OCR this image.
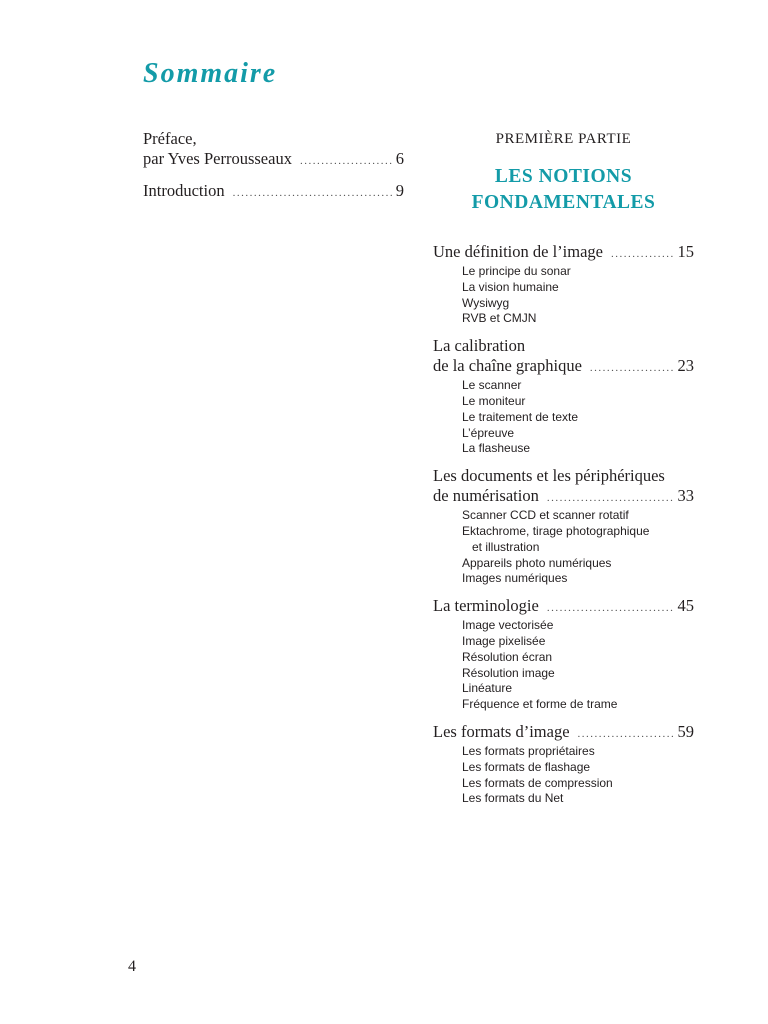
Sommaire
Préface,
par Yves Perrousseaux .....	6
Introduction .....	9
PREMIÈRE PARTIE
LES NOTIONS
FONDAMENTALES
Une définition de l’image .....	15
Le principe du sonar
La vision humaine
Wysiwyg
RVB et CMJN
La calibration
de la chaîne graphique .....	23
Le scanner
Le moniteur
Le traitement de texte
L’épreuve
La flasheuse
Les documents et les périphériques
de numérisation .....	33
Scanner CCD et scanner rotatif
Ektachrome, tirage photographique
et illustration
Appareils photo numériques
Images numériques
La terminologie .....	45
Image vectorisée
Image pixelisée
Résolution écran
Résolution image
Linéature
Fréquence et forme de trame
Les formats d’image .....	59
Les formats propriétaires
Les formats de flashage
Les formats de compression
Les formats du Net
4
